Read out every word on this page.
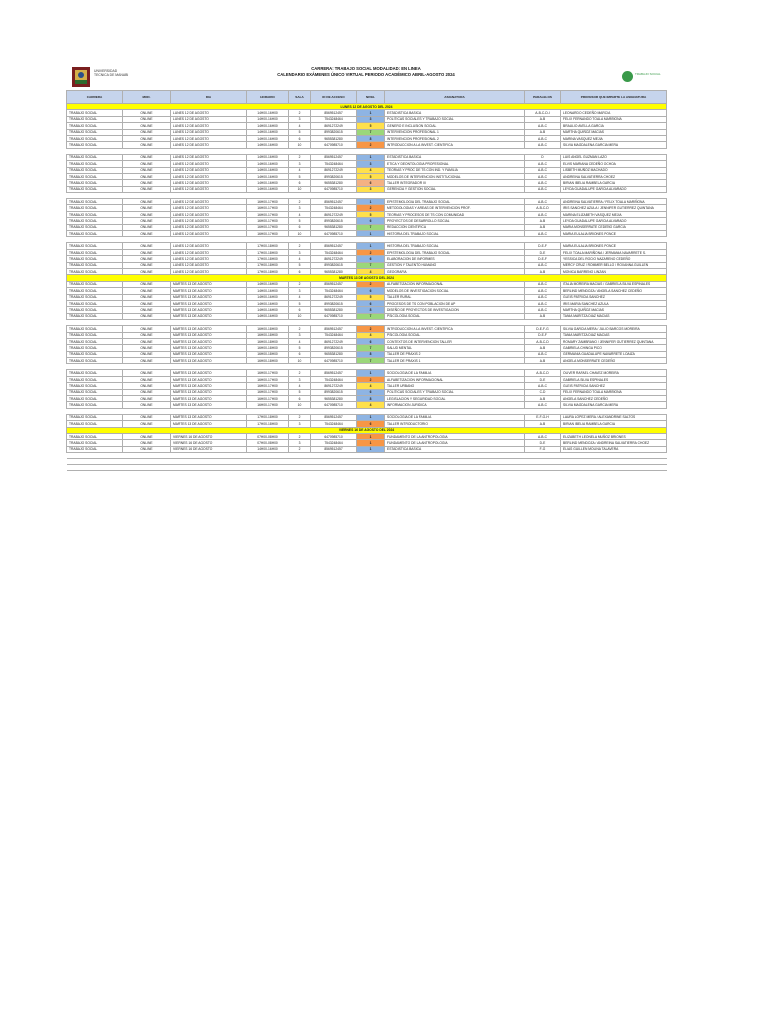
UNIVERSIDAD TECNICA DE MANABI
CARRERA: TRABAJO SOCIAL MODALIDAD: EN LINEA
CALENDARIO EXÁMENES ÚNICO VIRTUAL PERIODO ACADÉMICO ABRIL-AGOSTO 2024	TRABAJO SOCIAL
CARRERA	MOD.	DIA	HORARIO	SALA	ID DE ACCESO	NIVEL	ASIGNATURA	PARALELOS	PROFESOR QUE IMPARTE LA ASIGNATURA
LUNES 12 DE AGOSTO DEL 2024									
TRABAJO SOCIAL	ONLINE	LUNES 12 DE AGOSTO	14H00-16H00	2	8569512457	1	ESTADISTICA BASICA	A-B-C-D-I	LEONARDO CEDEÑO MARCIA
TRABAJO SOCIAL	ONLINE	LUNES 12 DE AGOSTO	14H00-16H00	3	7543248464	3	POLITICAS SOCIALES Y TRABAJO SOCIAL	A-B	FELIX FERNANDO TOALA MARIÑONA
TRABAJO SOCIAL	ONLINE	LUNES 12 DE AGOSTO	14H00-16H00	4	8691272249	5	GENERO E INCLUSION SOCIAL	A-B-C	BRAULIO AVELLA GARCIA
TRABAJO SOCIAL	ONLINE	LUNES 12 DE AGOSTO	14H00-16H00	5	8993820615	7	INTERVENCION PROFESIONAL 1	A-B	MARTHA QUIÑOZ MACIAS
TRABAJO SOCIAL	ONLINE	LUNES 12 DE AGOSTO	14H00-16H00	6	9655381280	8	INTERVENCION PROFESIONAL 2	A-B-C	MARINA VASQUEZ MEJIA
TRABAJO SOCIAL	ONLINE	LUNES 12 DE AGOSTO	14H00-16H00	10	6470985710	2	INTRODUCCION A LA INVEST. CIENTIFICA	A-B-C	SILVIA MAGDALENA GARCIA MERA

TRABAJO SOCIAL	ONLINE	LUNES 12 DE AGOSTO	14H00-16H00	2	8569512457	1	ESTADISTICA BASICA	D	LUIS ANGEL GUZMAN LAZO
TRABAJO SOCIAL	ONLINE	LUNES 12 DE AGOSTO	14H00-16H00	3	7543248464	3	ETICA Y DEONTOLOGIA PROFESIONAL	A-B-C	ELVIS MARIANA CEDEÑO OCHOA
TRABAJO SOCIAL	ONLINE	LUNES 12 DE AGOSTO	14H00-16H00	4	8691272249	4	TEORIAS Y PROC DE TS CON IND. Y FAMILIA	A-B-C	LISBETH MUÑOZ MACHADO
TRABAJO SOCIAL	ONLINE	LUNES 12 DE AGOSTO	14H00-16H00	5	8993820615	5	MODELOS DE INTERVENCION INSTITUCIONAL	A-B-C	ANDREINA SALVATIERRA CHOEZ
TRABAJO SOCIAL	ONLINE	LUNES 12 DE AGOSTO	14H00-16H00	6	9655381280	6	TALLER INTEGRADOR III	A-B-C	BIRIAN IBELIA RAMBELA GARCIA
TRABAJO SOCIAL	ONLINE	LUNES 12 DE AGOSTO	14H00-16H00	10	6470985710	3	GERENCIA Y GESTION SOCIAL	A-B-C	LEYDA GUADALUPE GARCIA ALVARADO

TRABAJO SOCIAL	ONLINE	LUNES 12 DE AGOSTO	16H00-17H00	2	8569512457	1	EPISTEMOLOGIA DEL TRABAJO SOCIAL	A-B-C	ANDREINA SALVATIERRA / FELIX TOALA MARIÑONA
TRABAJO SOCIAL	ONLINE	LUNES 12 DE AGOSTO	16H00-17H00	3	7543248464	2	METODOLOGIAS Y AREAS DE INTERVENCION PROF.	A-B-C-D	IRIS SANCHEZ AZULA / JENNIFER GUTIERREZ QUINTANA
TRABAJO SOCIAL	ONLINE	LUNES 12 DE AGOSTO	16H00-17H00	4	8691272249	5	TEORIAS Y PROCESOS DE TS CON COMUNIDAD	A-B-C	MARINA ELIZABETH VASQUEZ MEJIA
TRABAJO SOCIAL	ONLINE	LUNES 12 DE AGOSTO	16H00-17H00	5	8993820615	6	PROYECTOS DE DESARROLLO SOCIAL	A-B	LEYDA GUADALUPE GARCIA ALVARADO
TRABAJO SOCIAL	ONLINE	LUNES 12 DE AGOSTO	16H00-17H00	6	9655381280	7	REDACCION CIENTIFICA	A-B	MARIA MONSERRATE CEDEÑO GARCIA
TRABAJO SOCIAL	ONLINE	LUNES 12 DE AGOSTO	16H00-17H00	10	6470985710	1	HISTORIA DEL TRABAJO SOCIAL	A-B-C	MARIA EULALIA BRIONES PONCE

TRABAJO SOCIAL	ONLINE	LUNES 12 DE AGOSTO	17H00-18H00	2	8569512457	1	HISTORIA DEL TRABAJO SOCIAL	D-E-F	MARIA EULALIA BRIONES PONCE
TRABAJO SOCIAL	ONLINE	LUNES 12 DE AGOSTO	17H00-18H00	3	7543248464	2	EPISTEMOLOGIA DEL TRABAJO SOCIAL	D-E	FELIX TOALA MARIÑONA / JERMANIA NAVARRETE S.
TRABAJO SOCIAL	ONLINE	LUNES 12 DE AGOSTO	17H00-18H00	4	8691272249	6	ELABORACION DE INFORMES	D-E-F	YESSICA DEL ROCIO NAZARENO CEDEÑO
TRABAJO SOCIAL	ONLINE	LUNES 12 DE AGOSTO	17H00-18H00	5	8993820615	7	GESTION Y TALENTO HUMANO	A-B-C	MERCY CRUZ / ROMMER BELLO / ROXANNA GUILLEN
TRABAJO SOCIAL	ONLINE	LUNES 12 DE AGOSTO	17H00-18H00	6	9655381280	4	GEOGRAFIA	A-B	MONICA BARRENO LINZAN
MARTES 13 DE AGOSTO DEL 2024									
TRABAJO SOCIAL	ONLINE	MARTES 13 DE AGOSTO	14H00-16H00	2	8569512457	2	ALFABETIZACION INFORMACIONAL	A-B-C	ITALIA MOREIRA MACIAS / GABRIELA SILVA ESPINALES
TRABAJO SOCIAL	ONLINE	MARTES 13 DE AGOSTO	14H00-16H00	3	7543248464	6	MODELOS DE INVESTIGACION SOCIAL	A-B-C	BERLIND MENDOZA / ANGELA SANCHEZ CEDEÑO
TRABAJO SOCIAL	ONLINE	MARTES 13 DE AGOSTO	14H00-16H00	4	8691272249	5	TALLER RURAL	A-B-C	GLEIS PATRICIA SANCHEZ
TRABAJO SOCIAL	ONLINE	MARTES 13 DE AGOSTO	14H00-16H00	5	8993820615	6	PROCESOS DE TS CON POBLACION DE AP	A-B-C	IRIS MARIA SANCHEZ AZULA
TRABAJO SOCIAL	ONLINE	MARTES 13 DE AGOSTO	14H00-16H00	6	9655381280	8	DISEÑO DE PROYECTOS DE INVESTIGACION	A-B-C	MARTHA QUIÑOZ MACIAS
TRABAJO SOCIAL	ONLINE	MARTES 13 DE AGOSTO	14H00-16H00	10	6470985710	7	PSICOLOGIA SOCIAL	A-B	TANIA MARITZA DIAZ MACIAS

TRABAJO SOCIAL	ONLINE	MARTES 13 DE AGOSTO	16H00-18H00	2	8569512457	2	INTRODUCCION A LA INVEST. CIENTIFICA	D-E-F-G	SILVIA GARCIA MERA / JULIO BARCOS MOREIRA
TRABAJO SOCIAL	ONLINE	MARTES 13 DE AGOSTO	16H00-18H00	3	7543248464	4	PSICOLOGIA SOCIAL	D-E-F	TANIA MARITZA DIAZ MACIAS
TRABAJO SOCIAL	ONLINE	MARTES 13 DE AGOSTO	16H00-18H00	4	8691272249	6	CONTEXTOS DE INTERVENCION TALLER	A-B-C-D	ROMARY ZAMBRANO / JENNIFER GUTIERREZ QUINTANA
TRABAJO SOCIAL	ONLINE	MARTES 13 DE AGOSTO	16H00-18H00	5	8993820615	7	SALUD MENTAL	A-B	GABRIELA CHINGA PICO
TRABAJO SOCIAL	ONLINE	MARTES 13 DE AGOSTO	16H00-18H00	6	9655381280	8	TALLER DE PRAXIS 2	A-B-C	GERMANIA GUADALUPE NAVARRETE LOAIZA
TRABAJO SOCIAL	ONLINE	MARTES 13 DE AGOSTO	16H00-18H00	10	6470985710	7	TALLER DE PRAXIS 1	A-B	ANGELA MONSERRATE CEDEÑO

TRABAJO SOCIAL	ONLINE	MARTES 13 DE AGOSTO	16H00-17H00	2	8569512457	1	SOCIOLOGIA DE LA FAMILIA	A-B-C-D	OLIVER RAFAEL CHAVEZ MOREIRA
TRABAJO SOCIAL	ONLINE	MARTES 13 DE AGOSTO	16H00-17H00	3	7543248464	2	ALFABETIZACION INFORMACIONAL	D-E	GABRIELA SILVA ESPINALES
TRABAJO SOCIAL	ONLINE	MARTES 13 DE AGOSTO	16H00-17H00	4	8691272249	4	TALLER URBANO	A-B-C	GLEIS PATRICIA SANCHEZ
TRABAJO SOCIAL	ONLINE	MARTES 13 DE AGOSTO	16H00-17H00	5	8993820615	6	POLITICAS SOCIALES Y TRABAJO SOCIAL	C-D	FELIX FERNANDO TOALA MARIÑONA
TRABAJO SOCIAL	ONLINE	MARTES 13 DE AGOSTO	16H00-17H00	6	9655381280	8	LEGISLACION Y SEGURIDAD SOCIAL	A-B	ANGELA SANCHEZ CEDEÑO
TRABAJO SOCIAL	ONLINE	MARTES 13 DE AGOSTO	16H00-17H00	10	6470985710	4	INFORMACION JURIDICA	A-B-C	SILVIA MAGDALENA GARCIA MERA

TRABAJO SOCIAL	ONLINE	MARTES 13 DE AGOSTO	17H00-18H00	2	8569512457	1	SOCIOLOGIA DE LA FAMILIA	E-F-G-H	LAURA LOPEZ MERA / ALEXANDRINE SALTOS
TRABAJO SOCIAL	ONLINE	MARTES 13 DE AGOSTO	17H00-18H00	3	7543248464	6	TALLER INTRODUCTORIO	A-B	BIRIAN IBELIA RAMBELA GARCIA
VIERNES 16 DE AGOSTO DEL 2024									
TRABAJO SOCIAL	ONLINE	VIERNES 16 DE AGOSTO	07H00-08H00	2	6470985710	1	FUNDAMENTO DE LA ANTROPOLOGIA	A-B-C	ELIZABETH LEONELA MUÑOZ BRIONES
TRABAJO SOCIAL	ONLINE	VIERNES 16 DE AGOSTO	07H00-08H00	3	7543248464	1	FUNDAMENTO DE LA ANTROPOLOGIA	D-E	BERLIND MENDOZA / ANDREINA SALVATIERRA CHOEZ
TRABAJO SOCIAL	ONLINE	VIERNES 16 DE AGOSTO	14H00-16H00	2	8569512457	1	ESTADISTICA BASICA	F-G	ELIAS GUILLEN MOLINA TALAVERA
